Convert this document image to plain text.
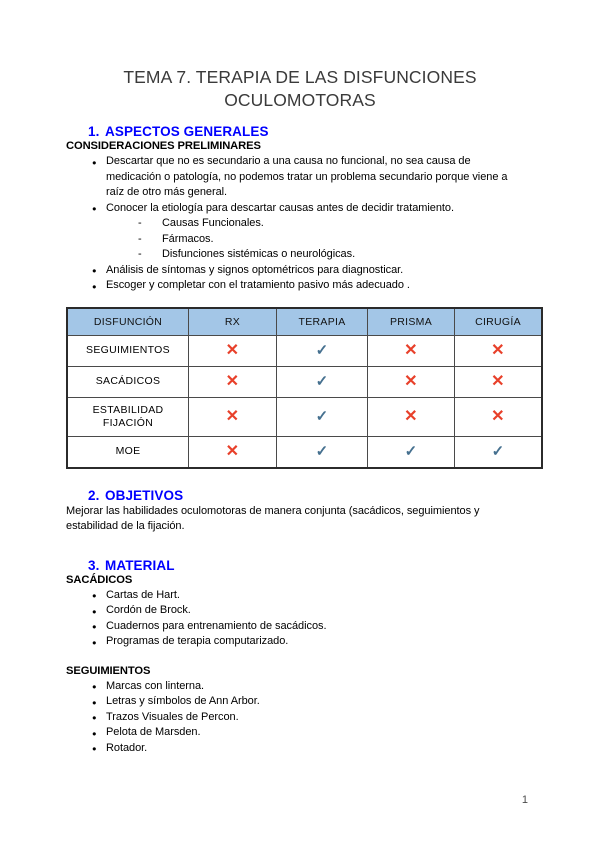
TEMA 7. TERAPIA DE LAS DISFUNCIONES
OCULOMOTORAS
1. ASPECTOS GENERALES
CONSIDERACIONES PRELIMINARES
● Descartar que no es secundario a una causa no funcional, no sea causa de medicación o patología, no podemos tratar un problema secundario porque viene a raíz de otro más general.
● Conocer la etiología para descartar causas antes de decidir tratamiento.
- Causas Funcionales.
- Fármacos.
- Disfunciones sistémicas o neurológicas.
● Análisis de síntomas y signos optométricos para diagnosticar.
● Escoger y completar con el tratamiento pasivo más adecuado .
DISFUNCIÓN	RX	TERAPIA	PRISMA	CIRUGÍA
SEGUIMIENTOS	✕	✓	✕	✕
SACÁDICOS	✕	✓	✕	✕
ESTABILIDAD
FIJACIÓN	✕	✓	✕	✕
MOE	✕	✓	✓	✓
2. OBJETIVOS

Mejorar las habilidades oculomotoras de manera conjunta (sacádicos, seguimientos y estabilidad de la fijación.

3. MATERIAL
SACÁDICOS
● Cartas de Hart.
● Cordón de Brock.
● Cuadernos para entrenamiento de sacádicos.
● Programas de terapia computarizado.
SEGUIMIENTOS
● Marcas con linterna.
● Letras y símbolos de Ann Arbor.
● Trazos Visuales de Percon.
● Pelota de Marsden.
● Rotador.
1
